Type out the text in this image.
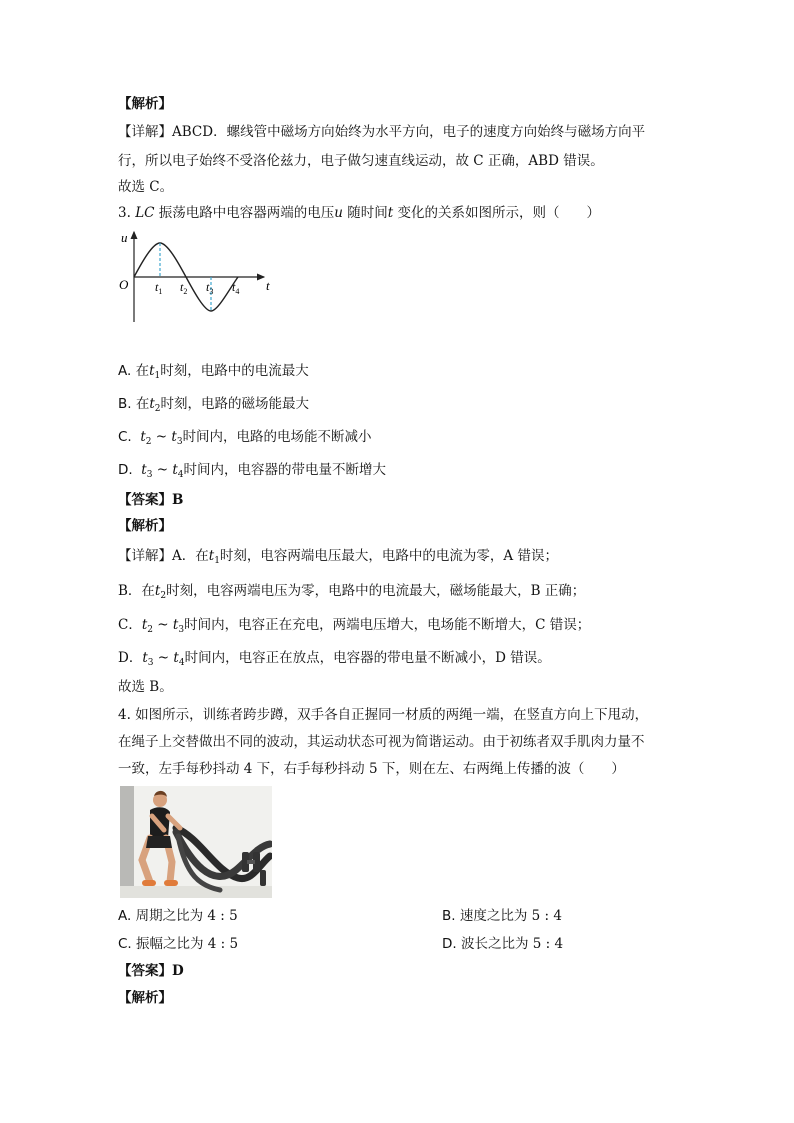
【解析】
【详解】ABCD．螺线管中磁场方向始终为水平方向，电子的速度方向始终与磁场方向平
行，所以电子始终不受洛伦兹力，电子做匀速直线运动，故 C 正确，ABD 错误。
故选 C。
3. LC 振荡电路中电容器两端的电压u 随时间t 变化的关系如图所示，则（　　）
u
t
O $t_1$ $t_2$ $t_3$ $t_4$
A. 在$t_1$时刻，电路中的电流最大
B. 在$t_2$时刻，电路的磁场能最大
C. $t_2$ ~ $t_3$时间内，电路的电场能不断减小
D. $t_3$ ~ $t_4$时间内，电容器的带电量不断增大
【答案】B
【解析】
【详解】A．在$t_1$时刻，电容两端电压最大，电路中的电流为零，A 错误；
B．在$t_2$时刻，电容两端电压为零，电路中的电流最大，磁场能最大，B 正确；
C．$t_2$ ~ $t_3$时间内，电容正在充电，两端电压增大，电场能不断增大，C 错误；
D．$t_3$ ~ $t_4$时间内，电容正在放点，电容器的带电量不断减小，D 错误。
故选 B。
4. 如图所示，训练者跨步蹲，双手各自正握同一材质的两绳一端，在竖直方向上下甩动，
在绳子上交替做出不同的波动，其运动状态可视为简谐运动。由于初练者双手肌肉力量不
一致，左手每秒抖动 4 下，右手每秒抖动 5 下，则在左、右两绳上传播的波（　　）
A. 周期之比为 4 : 5	B. 速度之比为 5 : 4
C. 振幅之比为 4 : 5	D. 波长之比为 5 : 4
【答案】D
【解析】
